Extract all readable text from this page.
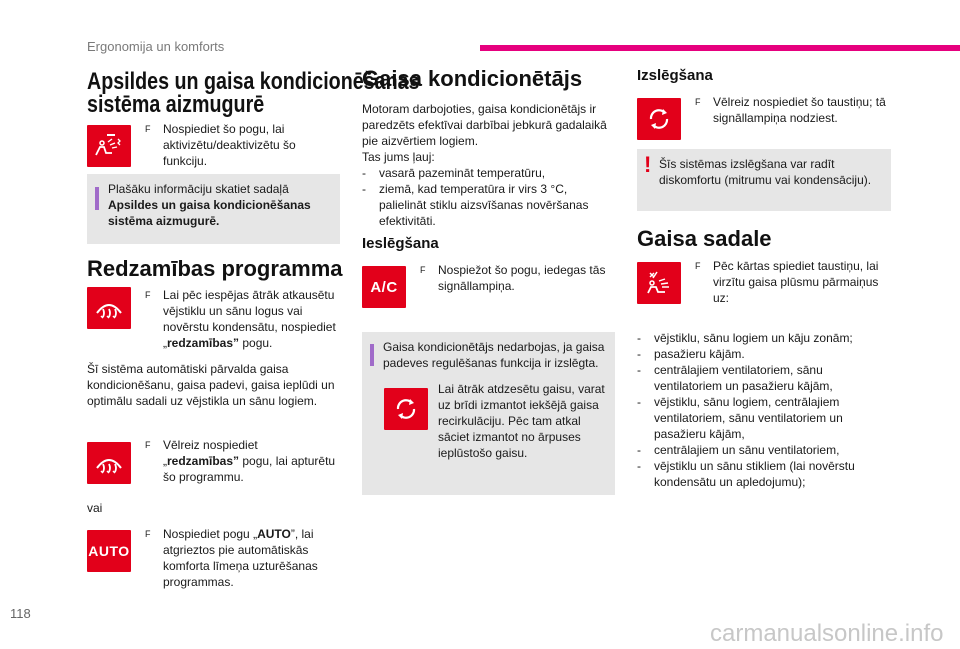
Ergonomija un komforts
Apsildes un gaisa kondicionēšanas
sistēma aizmugurē
F Nospiediet šo pogu, lai
aktivizētu/deaktivizētu šo
funkciju.
Plašāku informāciju skatiet sadaļā
Apsildes un gaisa kondicionēšanas
sistēma aizmugurē.
Redzamības programma
F Lai pēc iespējas ātrāk atkausētu
vējstiklu un sānu logus vai
novērstu kondensātu, nospiediet
„redzamības” pogu.
Šī sistēma automātiski pārvalda gaisa
kondicionēšanu, gaisa padevi, gaisa ieplūdi un
optimālu sadali uz vējstikla un sānu logiem.
F Vēlreiz nospiediet
„redzamības” pogu, lai apturētu
šo programmu.
vai
AUTO
F Nospiediet pogu „AUTO”, lai
atgrieztos pie automātiskās
komforta līmeņa uzturēšanas
programmas.
Gaisa kondicionētājs
Motoram darbojoties, gaisa kondicionētājs ir
paredzēts efektīvai darbībai jebkurā gadalaikā
pie aizvērtiem logiem.
Tas jums ļauj:
- vasarā pazemināt temperatūru,
- ziemā, kad temperatūra ir virs 3 °C,
palielināt stiklu aizsvīšanas novēršanas
efektivitāti.
Ieslēgšana
A/C
F Nospiežot šo pogu, iedegas tās
signāllampiņa.
Gaisa kondicionētājs nedarbojas, ja gaisa
padeves regulēšanas funkcija ir izslēgta.
Lai ātrāk atdzesētu gaisu, varat
uz brīdi izmantot iekšējā gaisa
recirkulāciju. Pēc tam atkal
sāciet izmantot no ārpuses
ieplūstošo gaisu.
Izslēgšana
F Vēlreiz nospiediet šo taustiņu; tā
signāllampiņa nodziest.
! Šīs sistēmas izslēgšana var radīt
diskomfortu (mitrumu vai kondensāciju).
Gaisa sadale
F Pēc kārtas spiediet taustiņu, lai
virzītu gaisa plūsmu pārmaiņus
uz:
- vējstiklu, sānu logiem un kāju zonām;
- pasažieru kājām.
- centrālajiem ventilatoriem, sānu
ventilatoriem un pasažieru kājām,
- vējstiklu, sānu logiem, centrālajiem
ventilatoriem, sānu ventilatoriem un
pasažieru kājām,
- centrālajiem un sānu ventilatoriem,
- vējstiklu un sānu stikliem (lai novērstu
kondensātu un apledojumu);
118
carmanualsonline.info
